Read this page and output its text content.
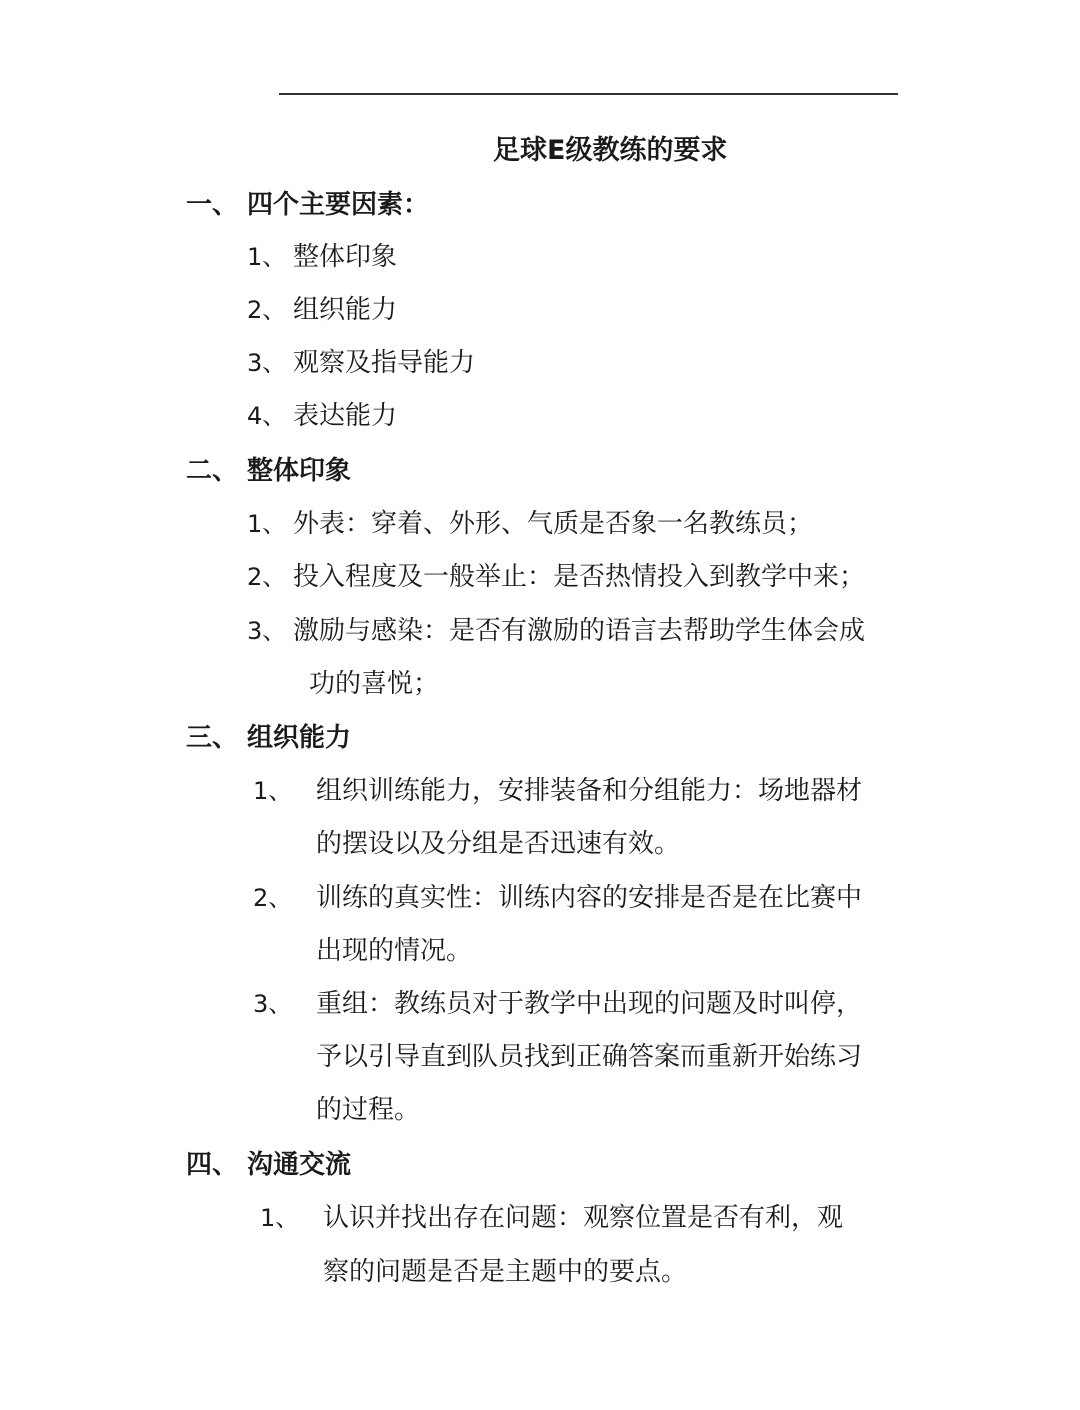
足球E级教练的要求
一、 四个主要因素：
1、 整体印象
2、 组织能力
3、 观察及指导能力
4、 表达能力
二、 整体印象
1、 外表：穿着、外形、气质是否象一名教练员；
2、 投入程度及一般举止：是否热情投入到教学中来；
3、 激励与感染：是否有激励的语言去帮助学生体会成
功的喜悦；
三、 组织能力
1、 组织训练能力，安排装备和分组能力：场地器材
的摆设以及分组是否迅速有效。
2、 训练的真实性：训练内容的安排是否是在比赛中
出现的情况。
3、 重组：教练员对于教学中出现的问题及时叫停，
予以引导直到队员找到正确答案而重新开始练习
的过程。
四、 沟通交流
1、 认识并找出存在问题：观察位置是否有利，观
察的问题是否是主题中的要点。
